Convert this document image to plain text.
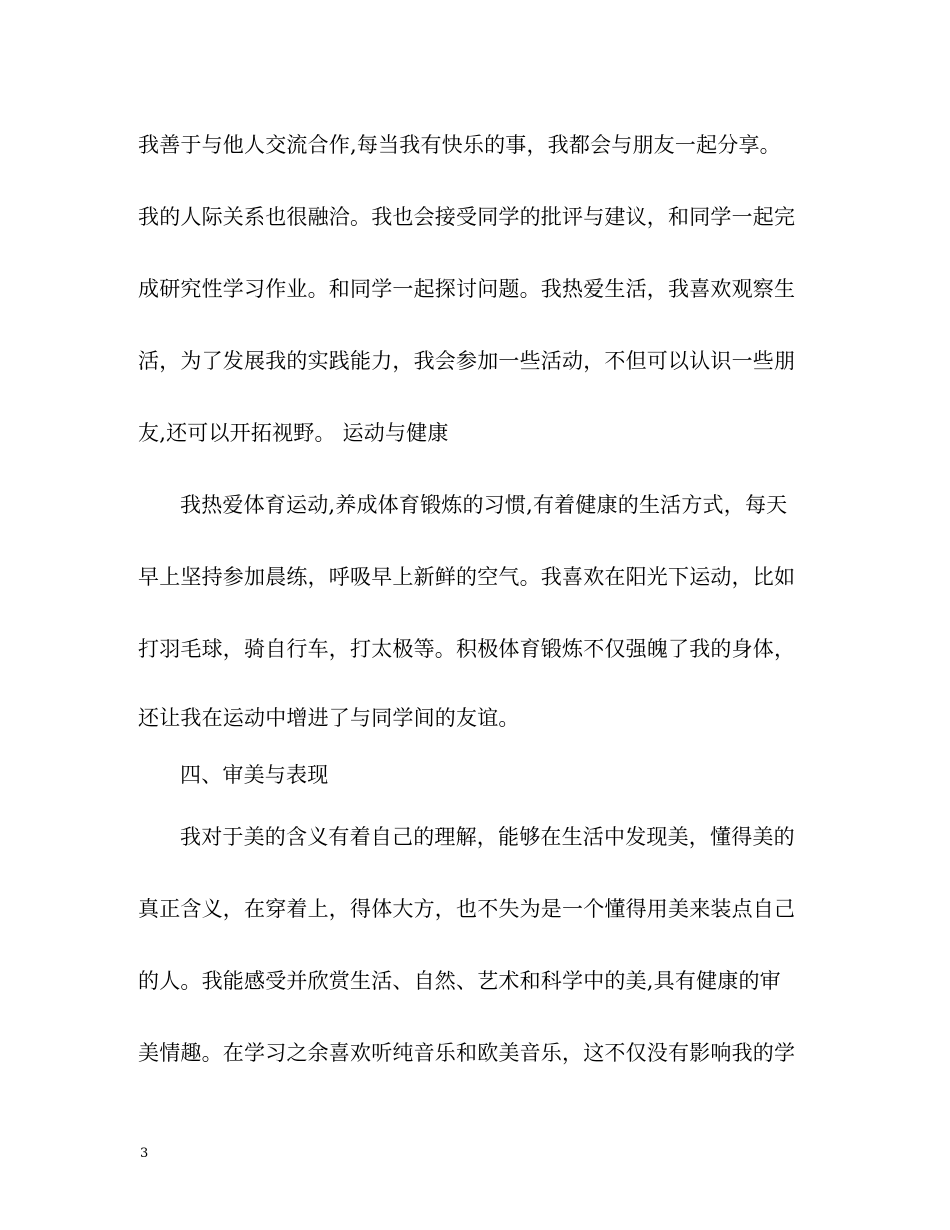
我善于与他人交流合作,每当我有快乐的事，我都会与朋友一起分享。
我的人际关系也很融洽。我也会接受同学的批评与建议，和同学一起完
成研究性学习作业。和同学一起探讨问题。我热爱生活，我喜欢观察生
活，为了发展我的实践能力，我会参加一些活动，不但可以认识一些朋
友,还可以开拓视野。 运动与健康
我热爱体育运动,养成体育锻炼的习惯,有着健康的生活方式，每天
早上坚持参加晨练，呼吸早上新鲜的空气。我喜欢在阳光下运动，比如
打羽毛球，骑自行车，打太极等。积极体育锻炼不仅强魄了我的身体，
还让我在运动中增进了与同学间的友谊。
四、审美与表现
我对于美的含义有着自己的理解，能够在生活中发现美，懂得美的
真正含义，在穿着上，得体大方，也不失为是一个懂得用美来装点自己
的人。我能感受并欣赏生活、自然、艺术和科学中的美,具有健康的审
美情趣。在学习之余喜欢听纯音乐和欧美音乐，这不仅没有影响我的学
3
